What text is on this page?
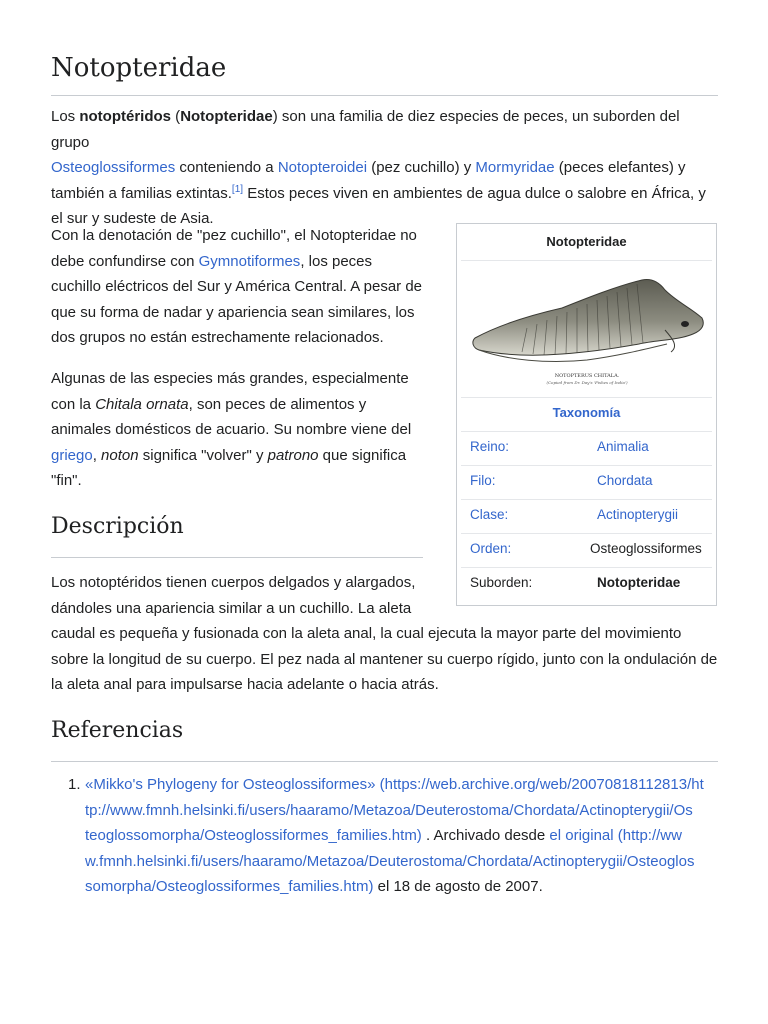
Notopteridae

Los notoptéridos (Notopteridae) son una familia de diez especies de peces, un suborden del grupo

Osteoglossiformes conteniendo a Notopteroidei (pez cuchillo) y Mormyridae (peces elefantes) y

también a familias extintas.[1] Estos peces viven en ambientes de agua dulce o salobre en África, y

el sur y sudeste de Asia.

Con la denotación de "pez cuchillo", el Notopteridae no

debe confundirse con Gymnotiformes, los peces

cuchillo eléctricos del Sur y América Central. A pesar de

que su forma de nadar y apariencia sean similares, los

dos grupos no están estrechamente relacionados.

Algunas de las especies más grandes, especialmente

con la Chitala ornata, son peces de alimentos y

animales domésticos de acuario. Su nombre viene del

griego, noton significa "volver" y patrono que significa

"fin".

Descripción

Los notoptéridos tienen cuerpos delgados y alargados,

dándoles una apariencia similar a un cuchillo. La aleta

caudal es pequeña y fusionada con la aleta anal, la cual ejecuta la mayor parte del movimiento

sobre la longitud de su cuerpo. El pez nada al mantener su cuerpo rígido, junto con la ondulación de

la aleta anal para impulsarse hacia adelante o hacia atrás.

Referencias
1. «Mikko's Phylogeny for Osteoglossiformes» (https://web.archive.org/web/20070818112813/ht

tp://www.fmnh.helsinki.fi/users/haaramo/Metazoa/Deuterostoma/Chordata/Actinopterygii/Os

teoglossomorpha/Osteoglossiformes_families.htm) . Archivado desde el original (http://ww

w.fmnh.helsinki.fi/users/haaramo/Metazoa/Deuterostoma/Chordata/Actinopterygii/Osteoglos

somorpha/Osteoglossiformes_families.htm) el 18 de agosto de 2007.

Notopteridae
NOTOPTERUS CHITALA.
(Copied from Dr. Day's 'Fishes of India')
Taxonomía
Reino:	Animalia
Filo:	Chordata
Clase:	Actinopterygii
Orden:	Osteoglossiformes
Suborden:	Notopteridae
